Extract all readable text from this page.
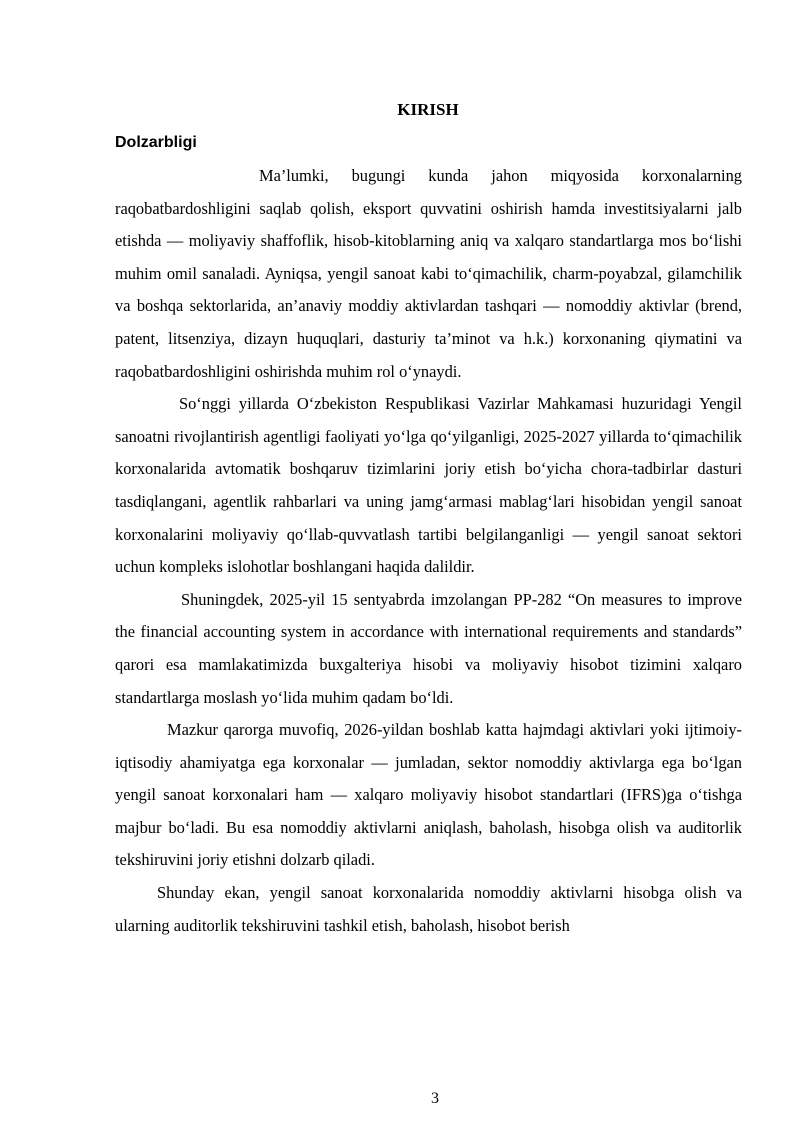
KIRISH
Dolzarbligi

Ma’lumki, bugungi kunda jahon miqyosida korxonalarning raqobatbardoshligini saqlab qolish, eksport quvvatini oshirish hamda investitsiyalarni jalb etishda — moliyaviy shaffoflik, hisob-kitoblarning aniq va xalqaro standartlarga mos bo‘lishi muhim omil sanaladi. Ayniqsa, yengil sanoat kabi to‘qimachilik, charm-poyabzal, gilamchilik va boshqa sektorlarida, an’anaviy moddiy aktivlardan tashqari — nomoddiy aktivlar (brend, patent, litsenziya, dizayn huquqlari, dasturiy ta’minot va h.k.) korxonaning qiymatini va raqobatbardoshligini oshirishda muhim rol o‘ynaydi.

So‘nggi yillarda O‘zbekiston Respublikasi Vazirlar Mahkamasi huzuridagi Yengil sanoatni rivojlantirish agentligi faoliyati yo‘lga qo‘yilganligi, 2025-2027 yillarda to‘qimachilik korxonalarida avtomatik boshqaruv tizimlarini joriy etish bo‘yicha chora-tadbirlar dasturi tasdiqlangani, agentlik rahbarlari va uning jamg‘armasi mablag‘lari hisobidan yengil sanoat korxonalarini moliyaviy qo‘llab-quvvatlash tartibi belgilanganligi — yengil sanoat sektori uchun kompleks islohotlar boshlangani haqida dalildir.

Shuningdek, 2025-yil 15 sentyabrda imzolangan PP-282 “On measures to improve the financial accounting system in accordance with international requirements and standards” qarori esa mamlakatimizda buxgalteriya hisobi va moliyaviy hisobot tizimini xalqaro standartlarga moslash yo‘lida muhim qadam bo‘ldi.

Mazkur qarorga muvofiq, 2026-yildan boshlab katta hajmdagi aktivlari yoki ijtimoiy-iqtisodiy ahamiyatga ega korxonalar — jumladan, sektor nomoddiy aktivlarga ega bo‘lgan yengil sanoat korxonalari ham — xalqaro moliyaviy hisobot standartlari (IFRS)ga o‘tishga majbur bo‘ladi. Bu esa nomoddiy aktivlarni aniqlash, baholash, hisobga olish va auditorlik tekshiruvini joriy etishni dolzarb qiladi.

Shunday ekan, yengil sanoat korxonalarida nomoddiy aktivlarni hisobga olish va ularning auditorlik tekshiruvini tashkil etish, baholash, hisobot berish

3
